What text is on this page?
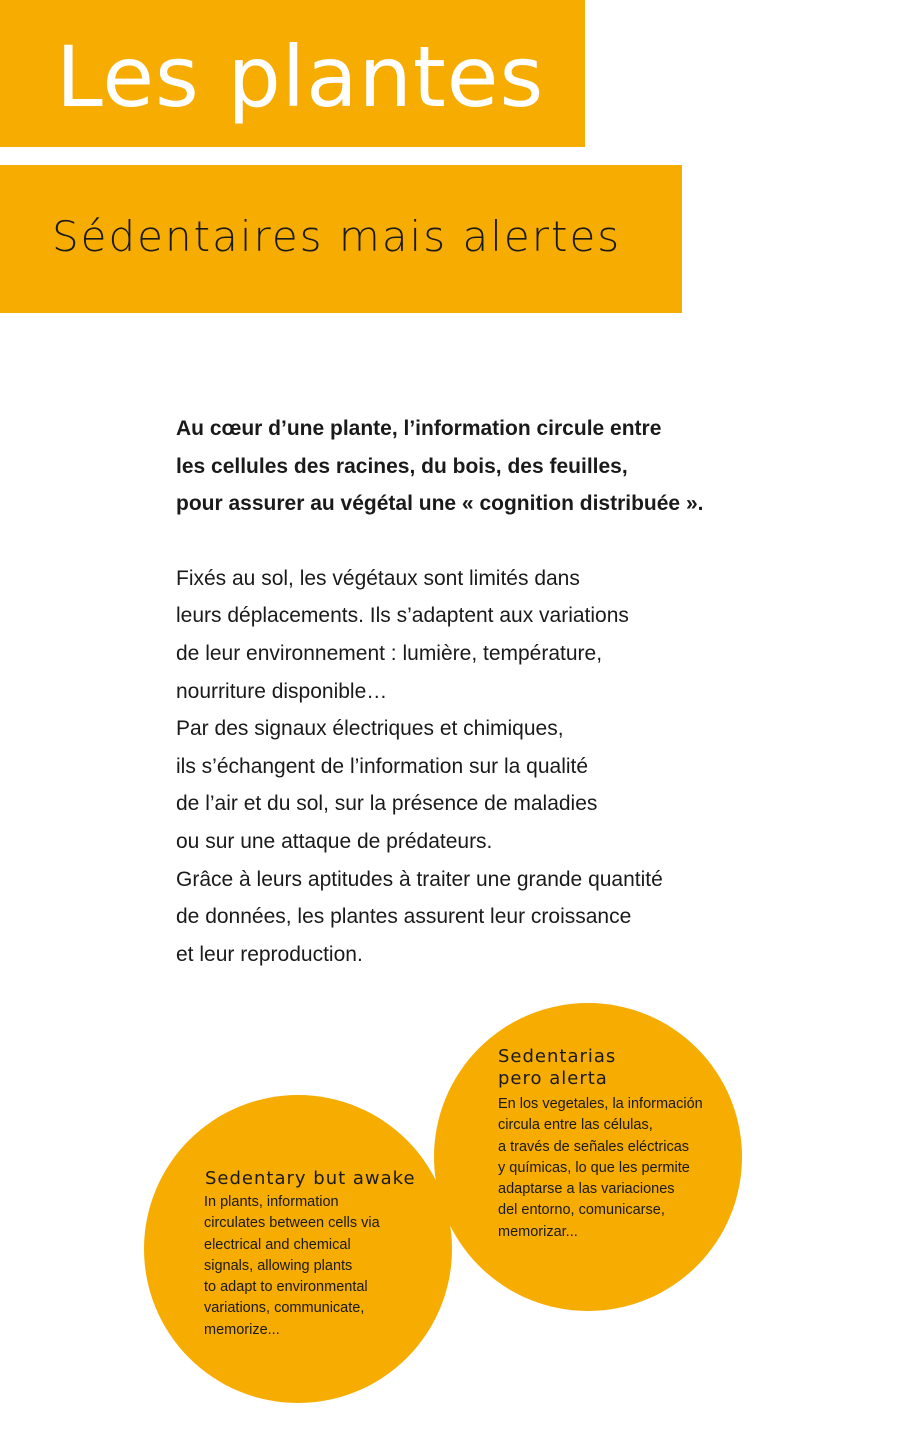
Les plantes
Sédentaires mais alertes
Au cœur d’une plante, l’information circule entre
les cellules des racines, du bois, des feuilles,
pour assurer au végétal une « cognition distribuée ».
Fixés au sol, les végétaux sont limités dans
leurs déplacements. Ils s’adaptent aux variations
de leur environnement : lumière, température,
nourriture disponible…
Par des signaux électriques et chimiques,
ils s’échangent de l’information sur la qualité
de l’air et du sol, sur la présence de maladies
ou sur une attaque de prédateurs.
Grâce à leurs aptitudes à traiter une grande quantité
de données, les plantes assurent leur croissance
et leur reproduction.
Sedentary but awake
In plants, information
circulates between cells via
electrical and chemical
signals, allowing plants
to adapt to environmental
variations, communicate,
memorize...
Sedentarias
pero alerta
En los vegetales, la información
circula entre las células,
a través de señales eléctricas
y químicas, lo que les permite
adaptarse a las variaciones
del entorno, comunicarse,
memorizar...
